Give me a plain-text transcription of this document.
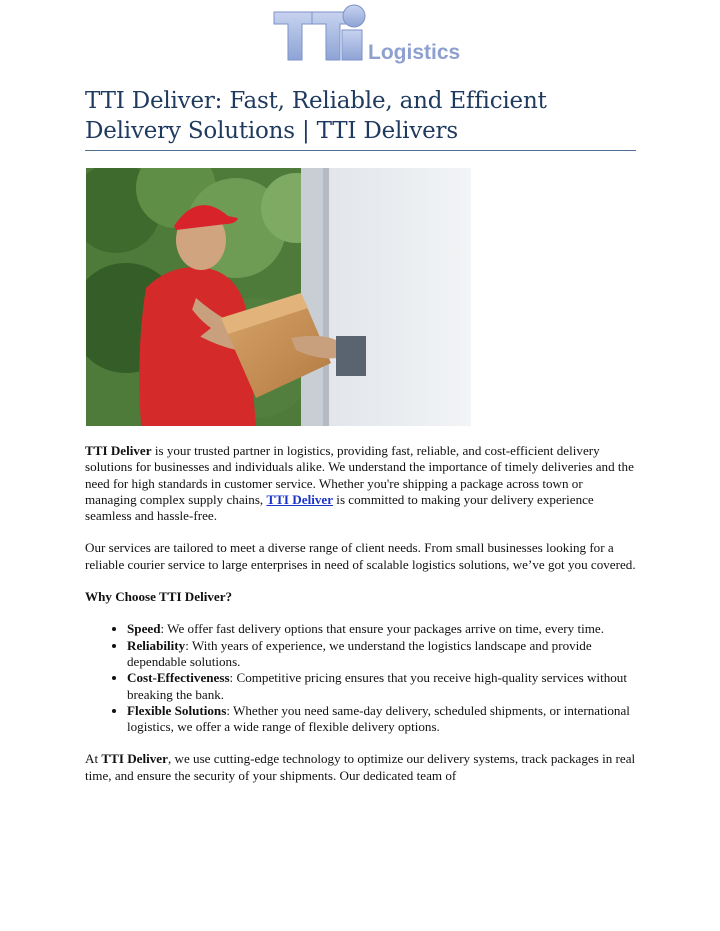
Logistics
TTI Deliver: Fast, Reliable, and Efficient Delivery Solutions | TTI Delivers

TTI Deliver is your trusted partner in logistics, providing fast, reliable, and cost-efficient delivery solutions for businesses and individuals alike. We understand the importance of timely deliveries and the need for high standards in customer service. Whether you're shipping a package across town or managing complex supply chains, TTI Deliver is committed to making your delivery experience seamless and hassle-free.

Our services are tailored to meet a diverse range of client needs. From small businesses looking for a reliable courier service to large enterprises in need of scalable logistics solutions, we’ve got you covered.

Why Choose TTI Deliver?

• Speed: We offer fast delivery options that ensure your packages arrive on time, every time.
• Reliability: With years of experience, we understand the logistics landscape and provide dependable solutions.
• Cost-Effectiveness: Competitive pricing ensures that you receive high-quality services without breaking the bank.
• Flexible Solutions: Whether you need same-day delivery, scheduled shipments, or international logistics, we offer a wide range of flexible delivery options.

At TTI Deliver, we use cutting-edge technology to optimize our delivery systems, track packages in real time, and ensure the security of your shipments. Our dedicated team of
